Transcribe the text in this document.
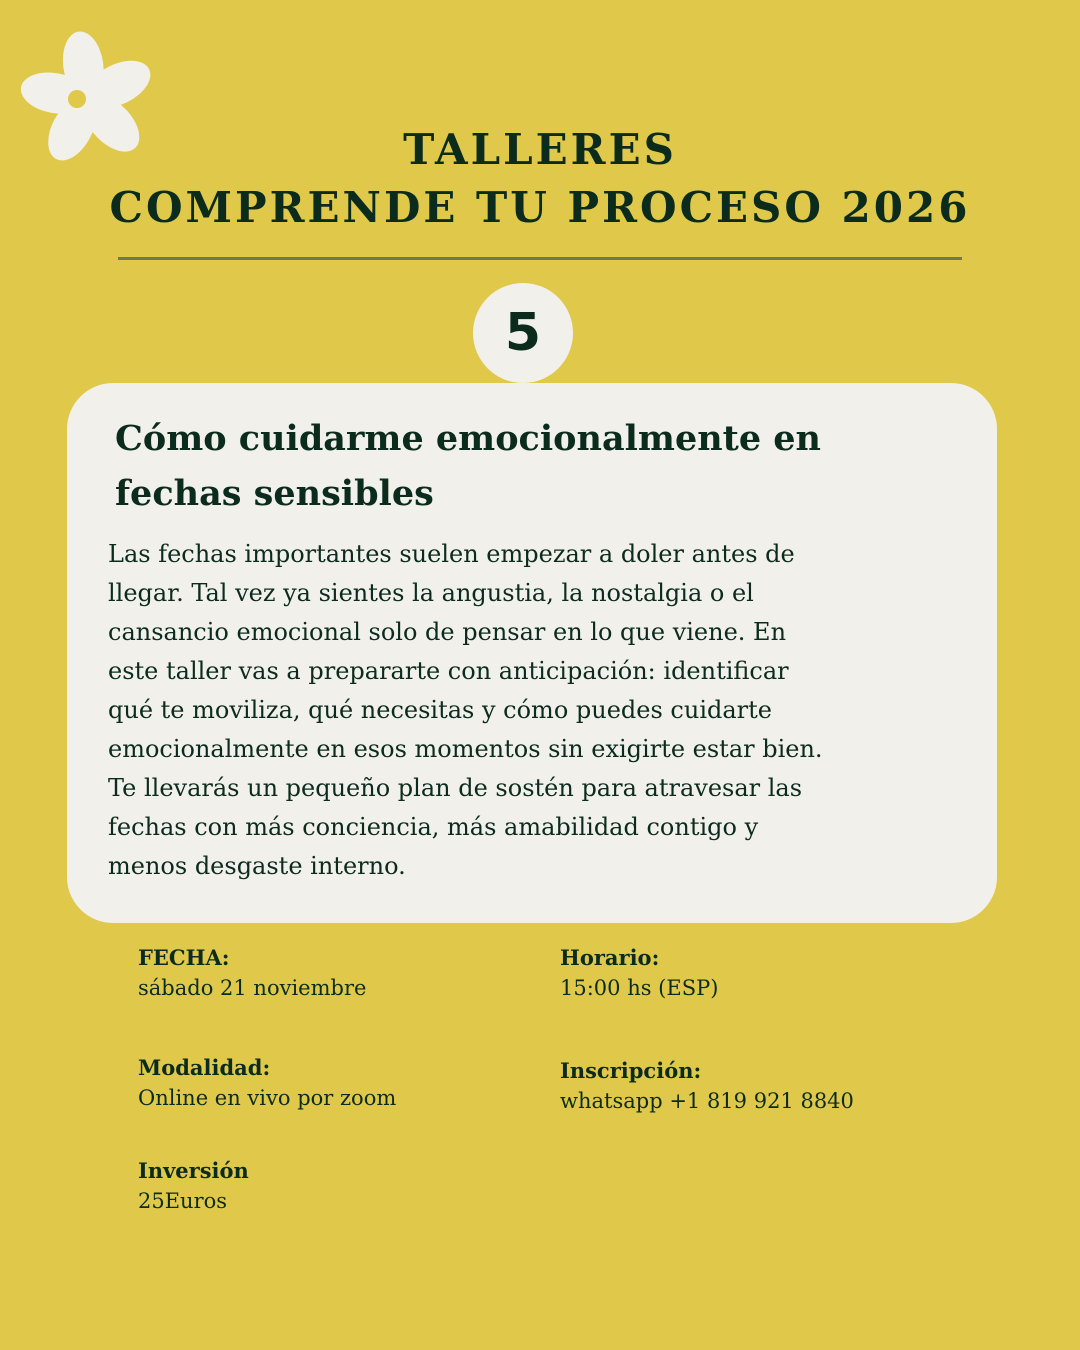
TALLERES
COMPRENDE TU PROCESO 2026
5
Cómo cuidarme emocionalmente en
fechas sensibles
Las fechas importantes suelen empezar a doler antes de
llegar. Tal vez ya sientes la angustia, la nostalgia o el
cansancio emocional solo de pensar en lo que viene. En
este taller vas a prepararte con anticipación: identificar
qué te moviliza, qué necesitas y cómo puedes cuidarte
emocionalmente en esos momentos sin exigirte estar bien.
Te llevarás un pequeño plan de sostén para atravesar las
fechas con más conciencia, más amabilidad contigo y
menos desgaste interno.
FECHA:
sábado 21 noviembre
Horario:
15:00 hs (ESP)
Modalidad:
Online en vivo por zoom
Inscripción:
whatsapp +1 819 921 8840
Inversión
25Euros
